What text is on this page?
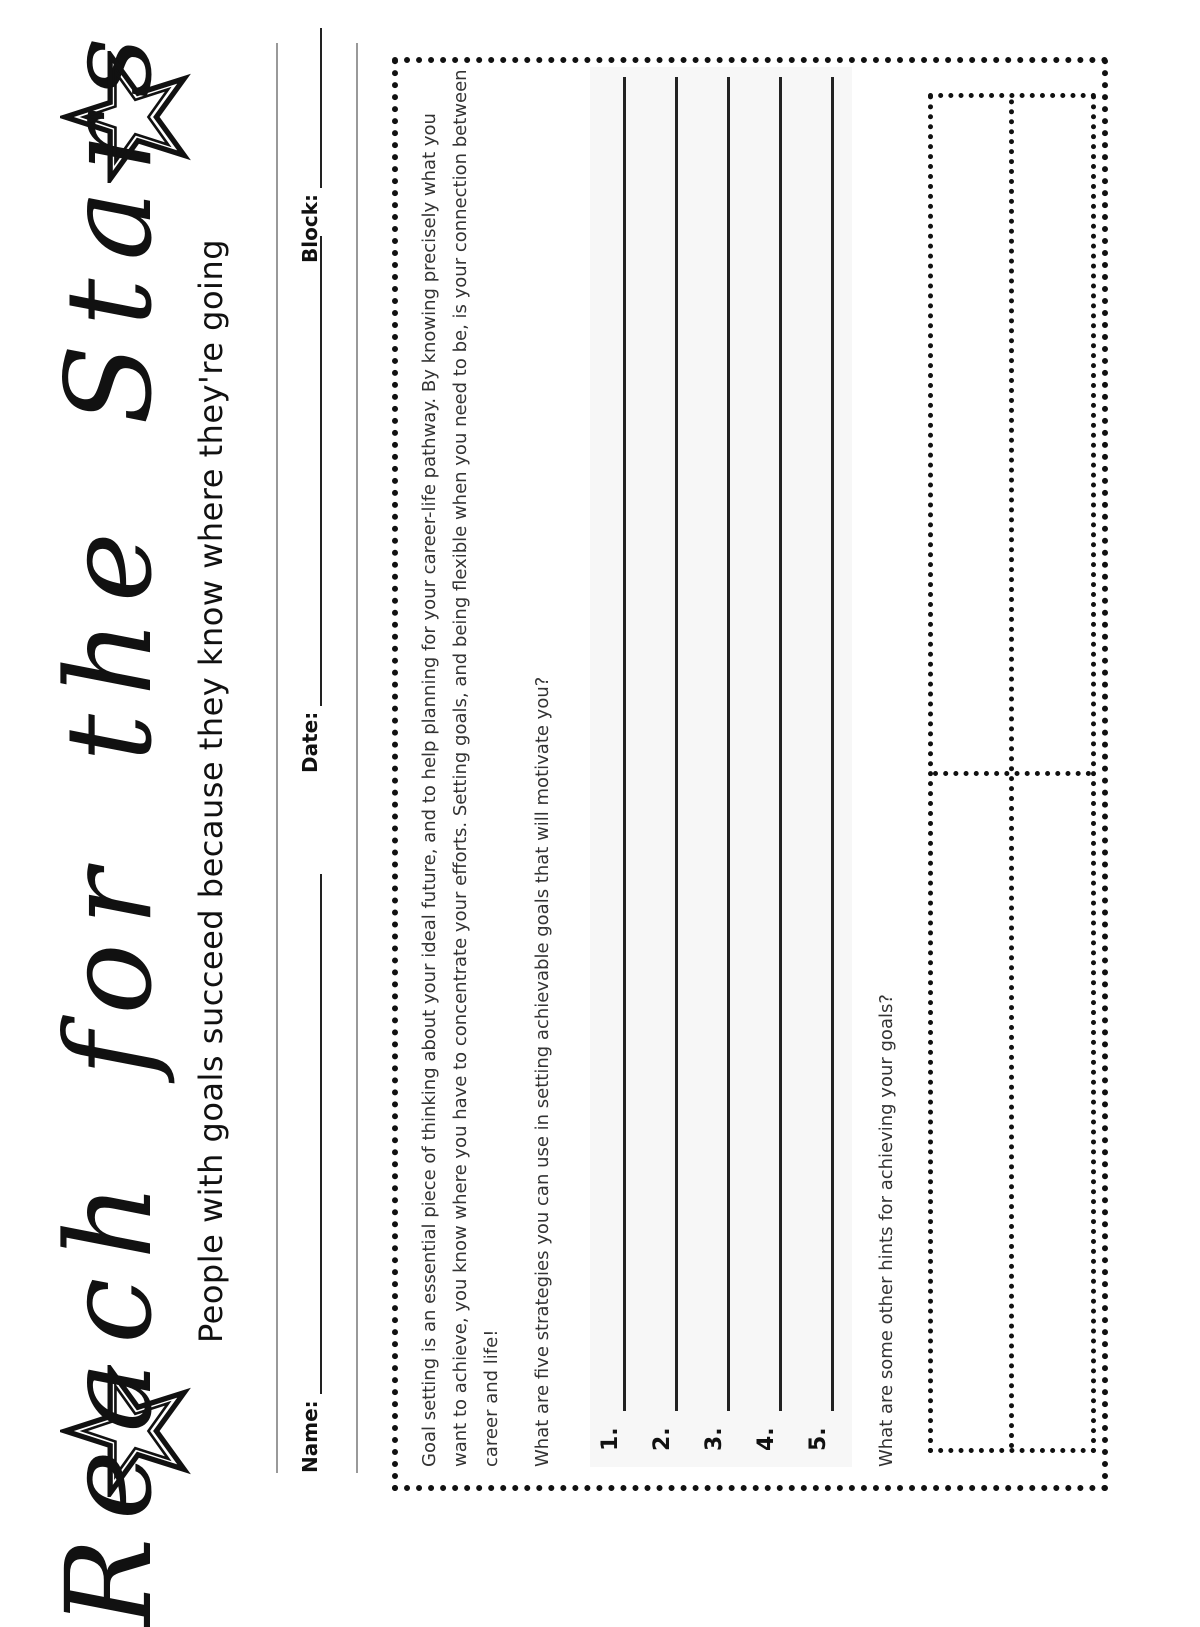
Reach for the Stars People with goals succeed because they know where they're going
Name:
Date:
Block:	Goal setting is an essential piece of thinking about your ideal future, and to help planning for your career-life pathway. By knowing precisely what you want to achieve, you know where you have to concentrate your efforts. Setting goals, and being flexible when you need to be, is your connection between career and life! What are five strategies you can use in setting achievable goals that will motivate you? 1. 2. 3. 4. 5.	What are some other hints for achieving your goals?
